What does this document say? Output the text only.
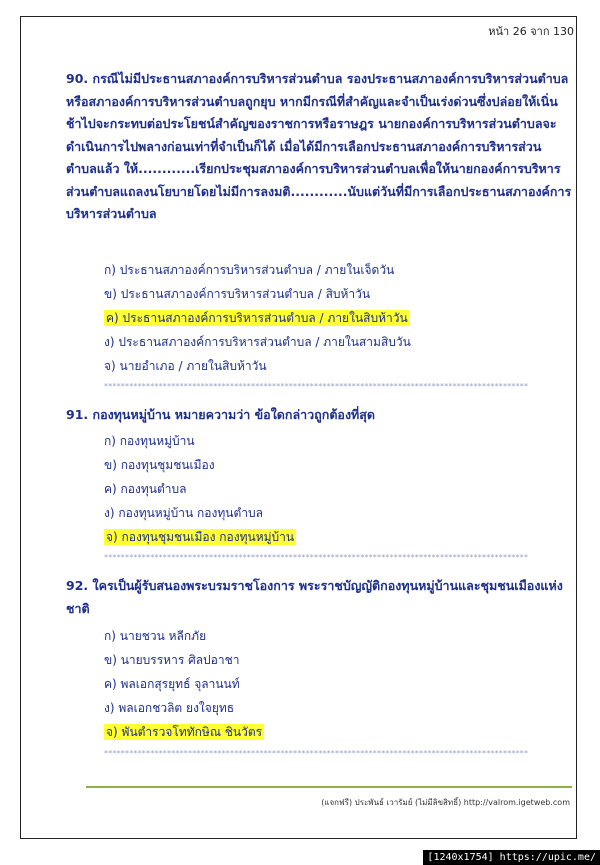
หน้า 26 จาก 130
90. กรณีไม่มีประธานสภาองค์การบริหารส่วนตำบล รองประธานสภาองค์การบริหารส่วนตำบล หรือสภาองค์การบริหารส่วนตำบลถูกยุบ หากมีกรณีที่สำคัญและจำเป็นเร่งด่วนซึ่งปล่อยให้เนิ่นช้าไปจะกระทบต่อประโยชน์สำคัญของราชการหรือราษฎร นายกองค์การบริหารส่วนตำบลจะดำเนินการไปพลางก่อนเท่าที่จำเป็นก็ได้ เมื่อได้มีการเลือกประธานสภาองค์การบริหารส่วนตำบลแล้ว ให้............เรียกประชุมสภาองค์การบริหารส่วนตำบลเพื่อให้นายกองค์การบริหารส่วนตำบลแถลงนโยบายโดยไม่มีการลงมติ............นับแต่วันที่มีการเลือกประธานสภาองค์การบริหารส่วนตำบล
ก) ประธานสภาองค์การบริหารส่วนตำบล / ภายในเจ็ดวัน
ข) ประธานสภาองค์การบริหารส่วนตำบล / สิบห้าวัน
ค) ประธานสภาองค์การบริหารส่วนตำบล / ภายในสิบห้าวัน
ง) ประธานสภาองค์การบริหารส่วนตำบล / ภายในสามสิบวัน
จ) นายอำเภอ / ภายในสิบห้าวัน
*****************************************************************************************************
91. กองทุนหมู่บ้าน หมายความว่า ข้อใดกล่าวถูกต้องที่สุด
ก) กองทุนหมู่บ้าน
ข) กองทุนชุมชนเมือง
ค) กองทุนตำบล
ง) กองทุนหมู่บ้าน กองทุนตำบล
จ) กองทุนชุมชนเมือง กองทุนหมู่บ้าน
*****************************************************************************************************
92. ใครเป็นผู้รับสนองพระบรมราชโองการ พระราชบัญญัติกองทุนหมู่บ้านและชุมชนเมืองแห่งชาติ
ก) นายชวน หลีกภัย
ข) นายบรรหาร ศิลปอาชา
ค) พลเอกสุรยุทธ์ จุลานนท์
ง) พลเอกชวลิต ยงใจยุทธ
จ) พันตำรวจโททักษิณ ชินวัตร
*****************************************************************************************************
(แจกฟรี) ประพันธ์ เวารัมย์ (ไม่มีลิขสิทธิ์) http://valrom.igetweb.com
[1240x1754] https://upic.me/
